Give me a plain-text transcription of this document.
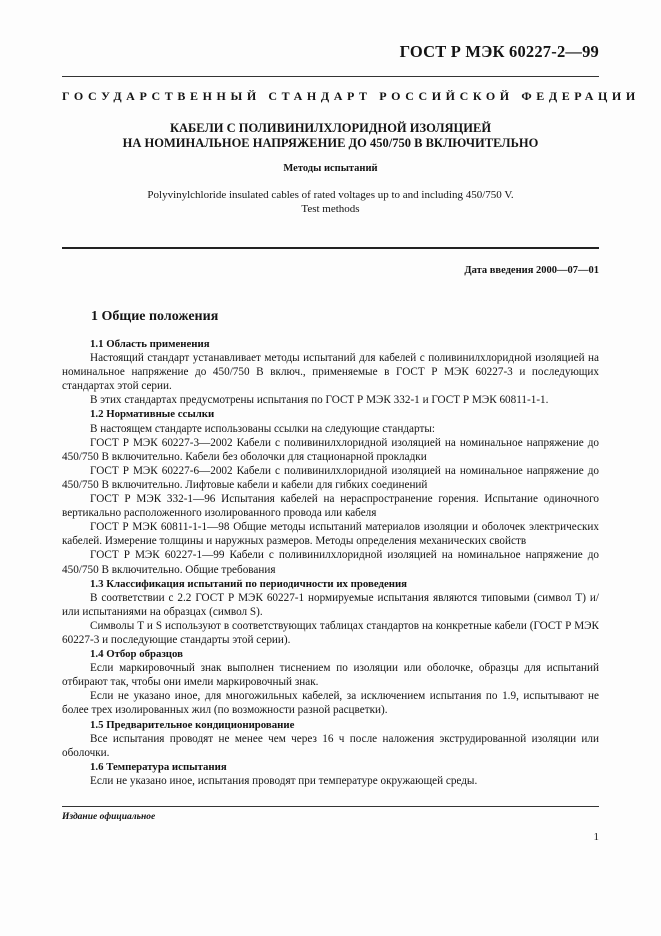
ГОСТ Р МЭК 60227-2—99
ГОСУДАРСТВЕННЫЙ СТАНДАРТ РОССИЙСКОЙ ФЕДЕРАЦИИ
КАБЕЛИ С ПОЛИВИНИЛХЛОРИДНОЙ ИЗОЛЯЦИЕЙ
НА НОМИНАЛЬНОЕ НАПРЯЖЕНИЕ ДО 450/750 В ВКЛЮЧИТЕЛЬНО
Методы испытаний
Polyvinylchloride insulated cables of rated voltages up to and including 450/750 V.
Test methods
Дата введения 2000—07—01
1 Общие положения

1.1 Область применения

Настоящий стандарт устанавливает методы испытаний для кабелей с поливинилхлоридной изоляцией на номинальное напряжение до 450/750 В включ., применяемые в ГОСТ Р МЭК 60227-3 и последующих стандартах этой серии.

В этих стандартах предусмотрены испытания по ГОСТ Р МЭК 332-1 и ГОСТ Р МЭК 60811-1-1.

1.2 Нормативные ссылки

В настоящем стандарте использованы ссылки на следующие стандарты:

ГОСТ Р МЭК 60227-3—2002 Кабели с поливинилхлоридной изоляцией на номинальное напряжение до 450/750 В включительно. Кабели без оболочки для стационарной прокладки

ГОСТ Р МЭК 60227-6—2002 Кабели с поливинилхлоридной изоляцией на номинальное напряжение до 450/750 В включительно. Лифтовые кабели и кабели для гибких соединений

ГОСТ Р МЭК 332-1—96 Испытания кабелей на нераспространение горения. Испытание одиночного вертикально расположенного изолированного провода или кабеля

ГОСТ Р МЭК 60811-1-1—98 Общие методы испытаний материалов изоляции и оболочек электрических кабелей. Измерение толщины и наружных размеров. Методы определения механических свойств

ГОСТ Р МЭК 60227-1—99 Кабели с поливинилхлоридной изоляцией на номинальное напряжение до 450/750 В включительно. Общие требования

1.3 Классификация испытаний по периодичности их проведения

В соответствии с 2.2 ГОСТ Р МЭК 60227-1 нормируемые испытания являются типовыми (символ Т) и/или испытаниями на образцах (символ S).

Символы Т и S используют в соответствующих таблицах стандартов на конкретные кабели (ГОСТ Р МЭК 60227-3 и последующие стандарты этой серии).

1.4 Отбор образцов

Если маркировочный знак выполнен тиснением по изоляции или оболочке, образцы для испытаний отбирают так, чтобы они имели маркировочный знак.

Если не указано иное, для многожильных кабелей, за исключением испытания по 1.9, испытывают не более трех изолированных жил (по возможности разной расцветки).

1.5 Предварительное кондиционирование

Все испытания проводят не менее чем через 16 ч после наложения экструдированной изоляции или оболочки.

1.6 Температура испытания

Если не указано иное, испытания проводят при температуре окружающей среды.

Издание официальное
1
